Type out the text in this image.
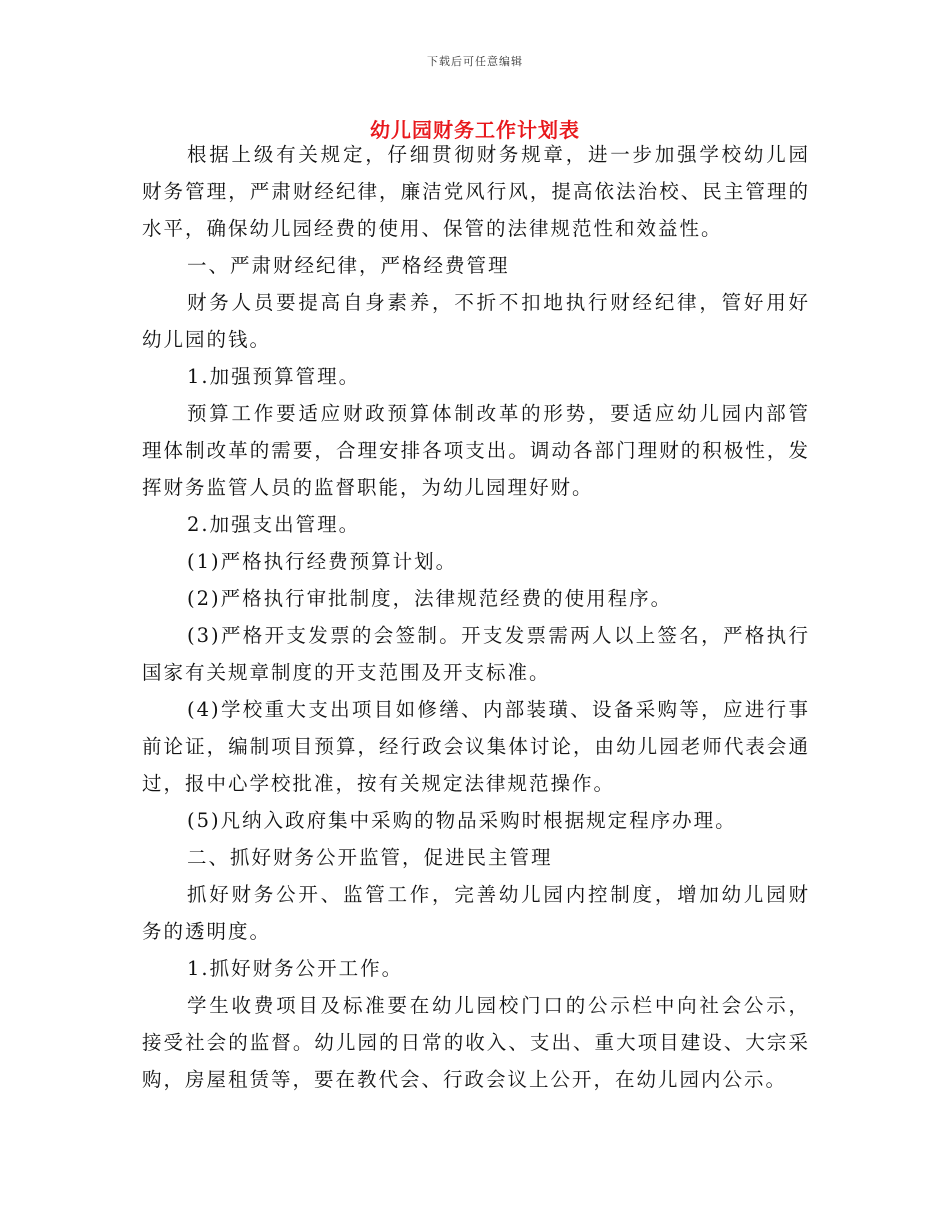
下载后可任意编辑
幼儿园财务工作计划表

根据上级有关规定，仔细贯彻财务规章，进一步加强学校幼儿园财务管理，严肃财经纪律，廉洁党风行风，提高依法治校、民主管理的水平，确保幼儿园经费的使用、保管的法律规范性和效益性。

一、严肃财经纪律，严格经费管理

财务人员要提高自身素养，不折不扣地执行财经纪律，管好用好幼儿园的钱。

1.加强预算管理。

预算工作要适应财政预算体制改革的形势，要适应幼儿园内部管理体制改革的需要，合理安排各项支出。调动各部门理财的积极性，发挥财务监管人员的监督职能，为幼儿园理好财。

2.加强支出管理。

(1)严格执行经费预算计划。

(2)严格执行审批制度，法律规范经费的使用程序。

(3)严格开支发票的会签制。开支发票需两人以上签名，严格执行国家有关规章制度的开支范围及开支标准。

(4)学校重大支出项目如修缮、内部装璜、设备采购等，应进行事前论证，编制项目预算，经行政会议集体讨论，由幼儿园老师代表会通过，报中心学校批准，按有关规定法律规范操作。

(5)凡纳入政府集中采购的物品采购时根据规定程序办理。

二、抓好财务公开监管，促进民主管理

抓好财务公开、监管工作，完善幼儿园内控制度，增加幼儿园财务的透明度。

1.抓好财务公开工作。

学生收费项目及标准要在幼儿园校门口的公示栏中向社会公示，接受社会的监督。幼儿园的日常的收入、支出、重大项目建设、大宗采购，房屋租赁等，要在教代会、行政会议上公开，在幼儿园内公示。
